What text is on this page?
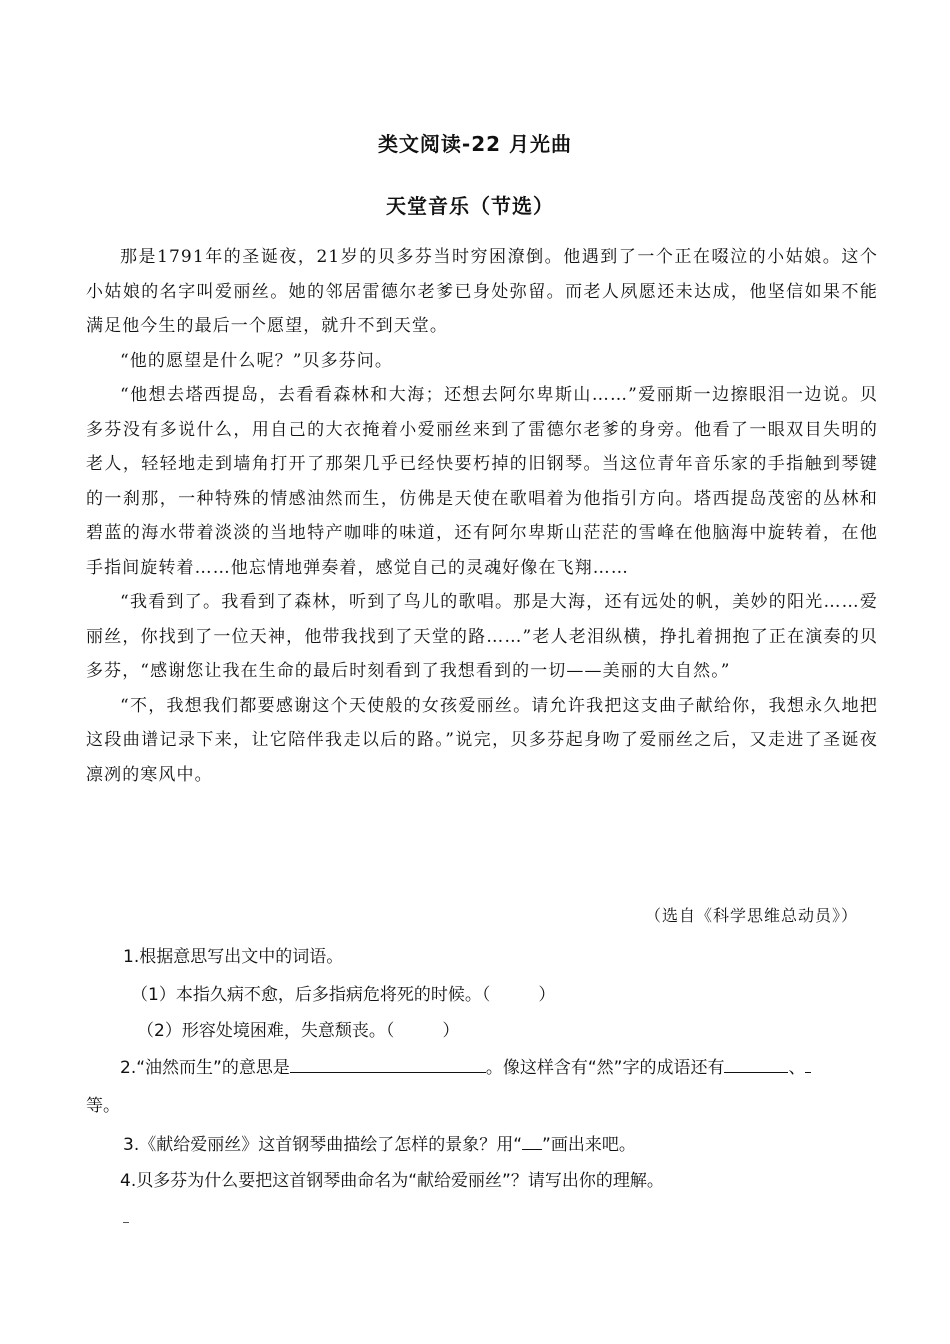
类文阅读-22 月光曲
天堂音乐（节选）

那是1791年的圣诞夜，21岁的贝多芬当时穷困潦倒。他遇到了一个正在啜泣的小姑娘。这个小姑娘的名字叫爱丽丝。她的邻居雷德尔老爹已身处弥留。而老人夙愿还未达成，他坚信如果不能满足他今生的最后一个愿望，就升不到天堂。

“他的愿望是什么呢？”贝多芬问。

“他想去塔西提岛，去看看森林和大海；还想去阿尔卑斯山……”爱丽斯一边擦眼泪一边说。贝多芬没有多说什么，用自己的大衣掩着小爱丽丝来到了雷德尔老爹的身旁。他看了一眼双目失明的老人，轻轻地走到墙角打开了那架几乎已经快要朽掉的旧钢琴。当这位青年音乐家的手指触到琴键的一刹那，一种特殊的情感油然而生，仿佛是天使在歌唱着为他指引方向。塔西提岛茂密的丛林和碧蓝的海水带着淡淡的当地特产咖啡的味道，还有阿尔卑斯山茫茫的雪峰在他脑海中旋转着，在他手指间旋转着……他忘情地弹奏着，感觉自己的灵魂好像在飞翔……

“我看到了。我看到了森林，听到了鸟儿的歌唱。那是大海，还有远处的帆，美妙的阳光……爱丽丝，你找到了一位天神，他带我找到了天堂的路……”老人老泪纵横，挣扎着拥抱了正在演奏的贝多芬，“感谢您让我在生命的最后时刻看到了我想看到的一切——美丽的大自然。”

“不，我想我们都要感谢这个天使般的女孩爱丽丝。请允许我把这支曲子献给你，我想永久地把这段曲谱记录下来，让它陪伴我走以后的路。”说完，贝多芬起身吻了爱丽丝之后，又走进了圣诞夜凛冽的寒风中。

（选自《科学思维总动员》）
1.根据意思写出文中的词语。
（1）本指久病不愈，后多指病危将死的时候。（	）
（2）形容处境困难，失意颓丧。（	）
2.“油然而生”的意思是	。像这样含有“然”字的成语还有	、
等。
3.《献给爱丽丝》这首钢琴曲描绘了怎样的景象？用“ ”画出来吧。
4.贝多芬为什么要把这首钢琴曲命名为“献给爱丽丝”？请写出你的理解。
